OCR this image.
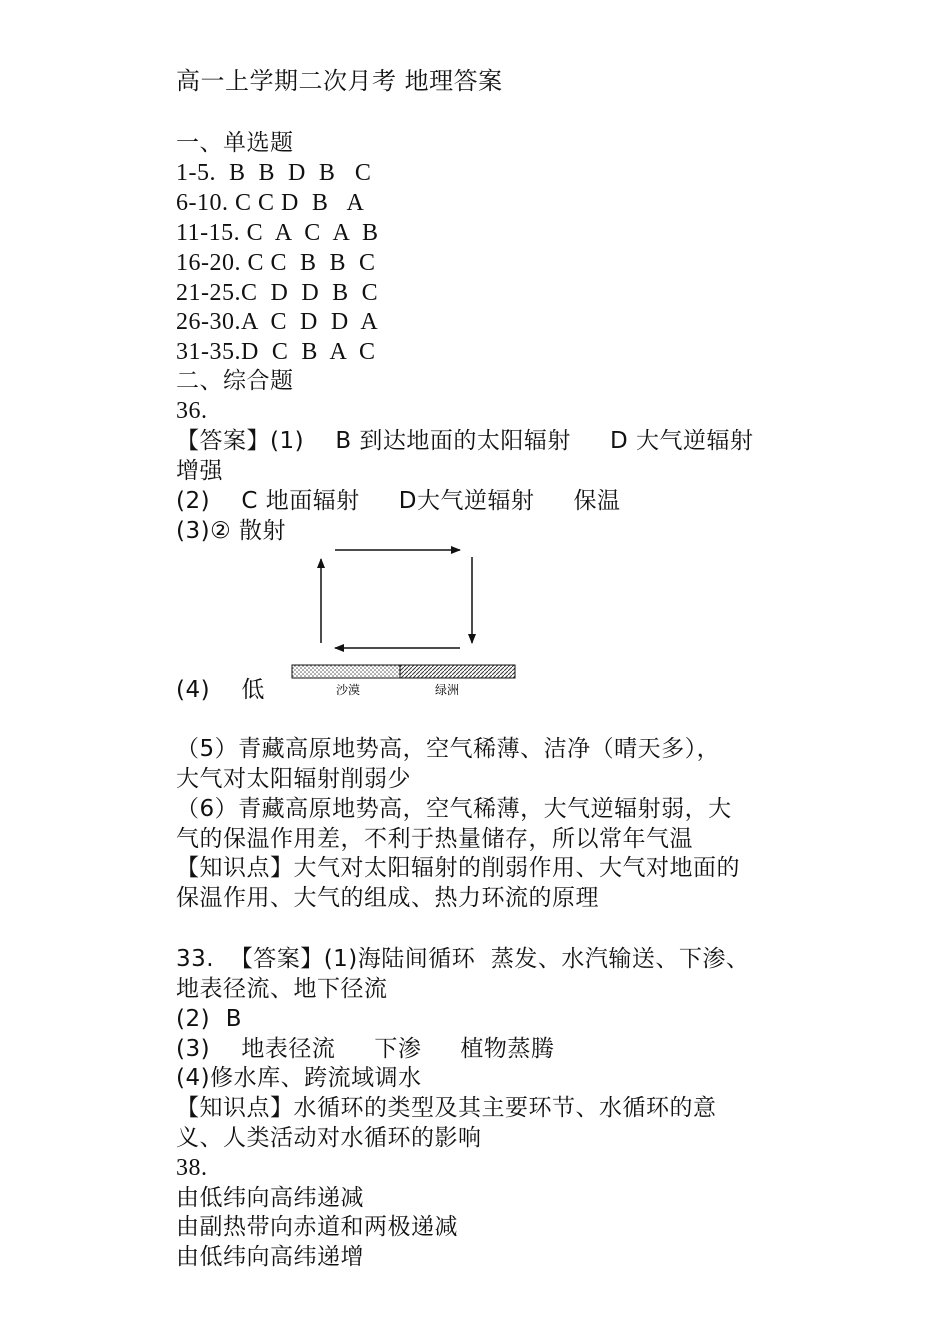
高一上学期二次月考 地理答案
一、单选题
1-5.  B  B  D  B   C
6-10. C C D  B   A
11-15. C  A  C  A  B
16-20. C C  B  B  C
21-25.C  D  D  B  C
26-30.A  C  D  D  A
31-35.D  C  B  A  C
二、综合题
36.
【答案】(1)    B 到达地面的太阳辐射     D 大气逆辐射
增强
(2)    C 地面辐射     D大气逆辐射     保温
(3)② 散射
沙漠	绿洲
(4)    低
（5）青藏高原地势高，空气稀薄、洁净（晴天多），
大气对太阳辐射削弱少
（6）青藏高原地势高，空气稀薄，大气逆辐射弱，大
气的保温作用差，不利于热量储存，所以常年气温
【知识点】大气对太阳辐射的削弱作用、大气对地面的
保温作用、大气的组成、热力环流的原理
33.  【答案】(1)海陆间循环  蒸发、水汽输送、下渗、
地表径流、地下径流
(2)  B
(3)    地表径流     下渗     植物蒸腾
(4)修水库、跨流域调水
【知识点】水循环的类型及其主要环节、水循环的意
义、人类活动对水循环的影响
38.
由低纬向高纬递减
由副热带向赤道和两极递减
由低纬向高纬递增
